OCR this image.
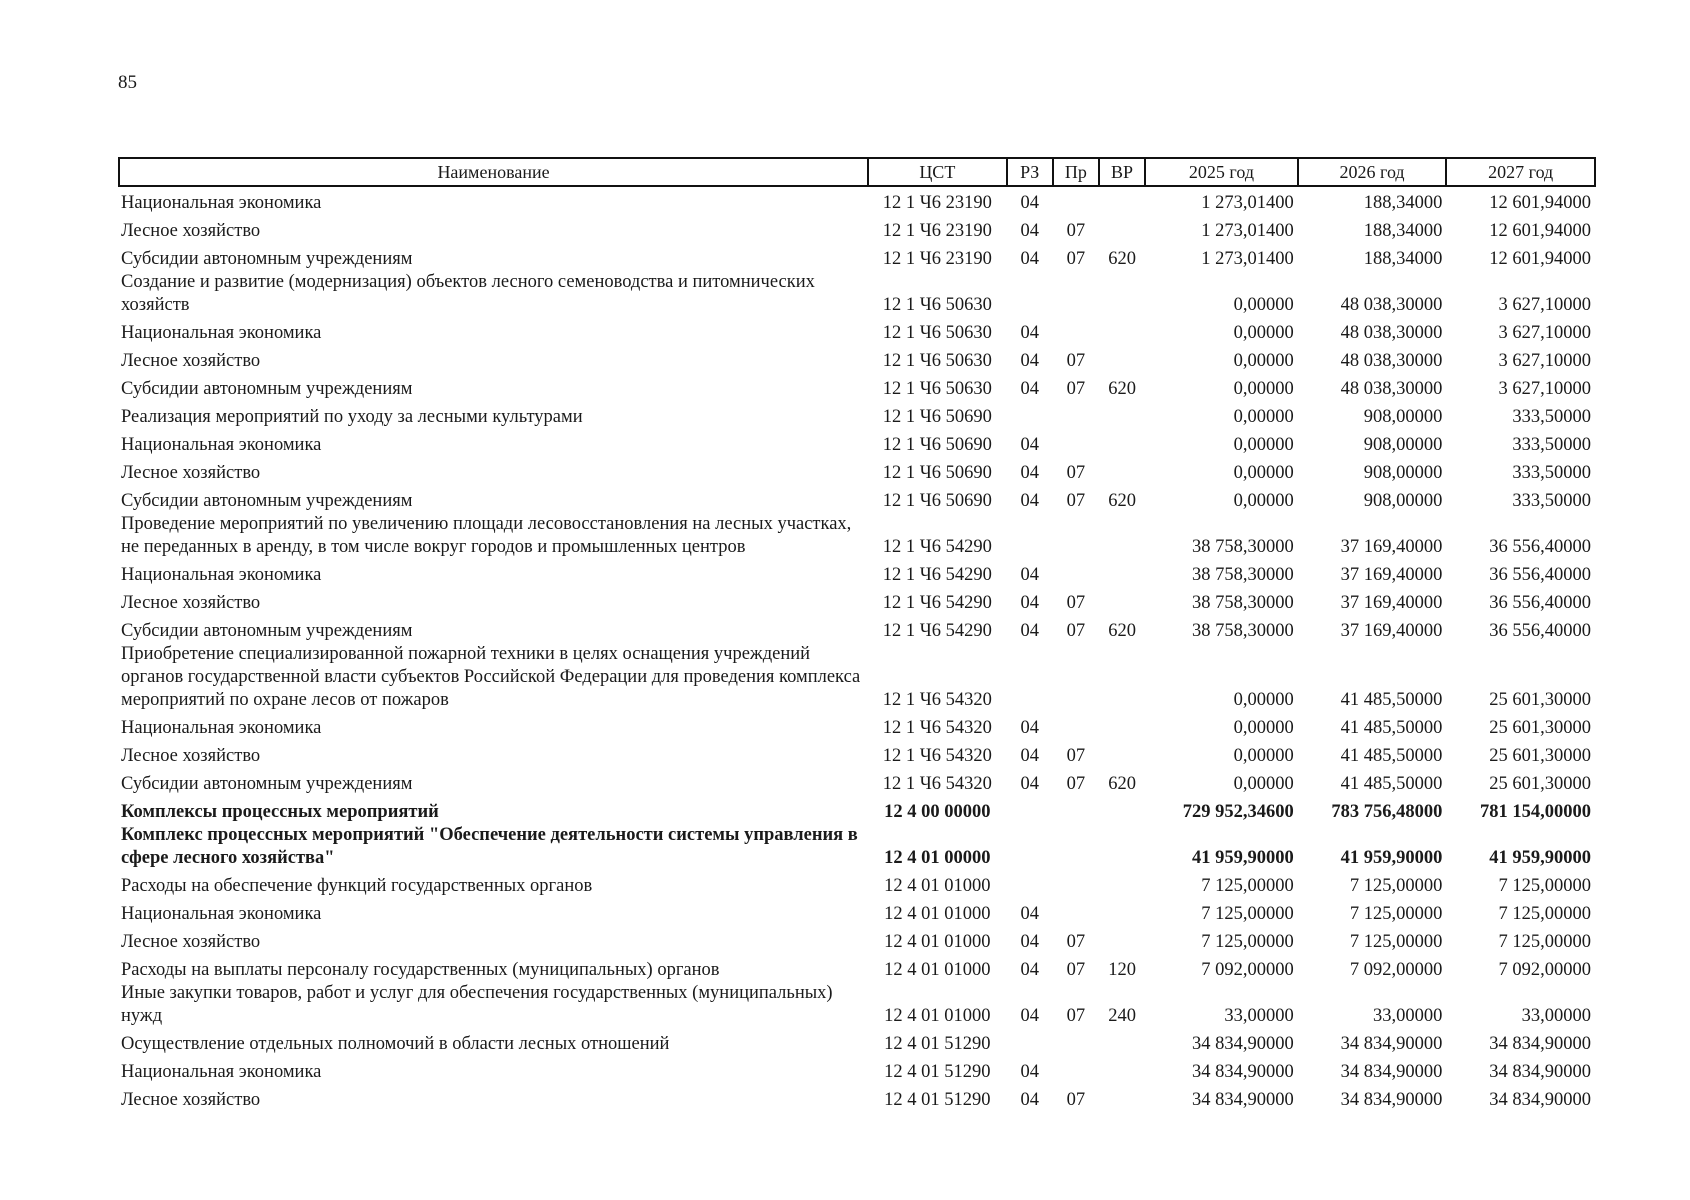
85
Наименование	ЦСТ	РЗ	Пр	ВР	2025 год	2026 год	2027 год
Национальная экономика	12 1 Ч6 23190	04			1 273,01400	188,34000	12 601,94000
Лесное хозяйство	12 1 Ч6 23190	04	07		1 273,01400	188,34000	12 601,94000
Субсидии автономным учреждениям	12 1 Ч6 23190	04	07	620	1 273,01400	188,34000	12 601,94000
Создание и развитие (модернизация) объектов лесного семеноводства и питомнических хозяйств	12 1 Ч6 50630				0,00000	48 038,30000	3 627,10000
Национальная экономика	12 1 Ч6 50630	04			0,00000	48 038,30000	3 627,10000
Лесное хозяйство	12 1 Ч6 50630	04	07		0,00000	48 038,30000	3 627,10000
Субсидии автономным учреждениям	12 1 Ч6 50630	04	07	620	0,00000	48 038,30000	3 627,10000
Реализация мероприятий по уходу за лесными культурами	12 1 Ч6 50690				0,00000	908,00000	333,50000
Национальная экономика	12 1 Ч6 50690	04			0,00000	908,00000	333,50000
Лесное хозяйство	12 1 Ч6 50690	04	07		0,00000	908,00000	333,50000
Субсидии автономным учреждениям	12 1 Ч6 50690	04	07	620	0,00000	908,00000	333,50000
Проведение мероприятий по увеличению площади лесовосстановления на лесных участках, не переданных в аренду, в том числе вокруг городов и промышленных центров	12 1 Ч6 54290				38 758,30000	37 169,40000	36 556,40000
Национальная экономика	12 1 Ч6 54290	04			38 758,30000	37 169,40000	36 556,40000
Лесное хозяйство	12 1 Ч6 54290	04	07		38 758,30000	37 169,40000	36 556,40000
Субсидии автономным учреждениям	12 1 Ч6 54290	04	07	620	38 758,30000	37 169,40000	36 556,40000
Приобретение специализированной пожарной техники в целях оснащения учреждений органов государственной власти субъектов Российской Федерации для проведения комплекса мероприятий по охране лесов от пожаров	12 1 Ч6 54320				0,00000	41 485,50000	25 601,30000
Национальная экономика	12 1 Ч6 54320	04			0,00000	41 485,50000	25 601,30000
Лесное хозяйство	12 1 Ч6 54320	04	07		0,00000	41 485,50000	25 601,30000
Субсидии автономным учреждениям	12 1 Ч6 54320	04	07	620	0,00000	41 485,50000	25 601,30000
Комплексы процессных мероприятий	12 4 00 00000				729 952,34600	783 756,48000	781 154,00000
Комплекс процессных мероприятий "Обеспечение деятельности системы управления в сфере лесного хозяйства"	12 4 01 00000				41 959,90000	41 959,90000	41 959,90000
Расходы на обеспечение функций государственных органов	12 4 01 01000				7 125,00000	7 125,00000	7 125,00000
Национальная экономика	12 4 01 01000	04			7 125,00000	7 125,00000	7 125,00000
Лесное хозяйство	12 4 01 01000	04	07		7 125,00000	7 125,00000	7 125,00000
Расходы на выплаты персоналу государственных (муниципальных) органов	12 4 01 01000	04	07	120	7 092,00000	7 092,00000	7 092,00000
Иные закупки товаров, работ и услуг для обеспечения государственных (муниципальных) нужд	12 4 01 01000	04	07	240	33,00000	33,00000	33,00000
Осуществление отдельных полномочий в области лесных отношений	12 4 01 51290				34 834,90000	34 834,90000	34 834,90000
Национальная экономика	12 4 01 51290	04			34 834,90000	34 834,90000	34 834,90000
Лесное хозяйство	12 4 01 51290	04	07		34 834,90000	34 834,90000	34 834,90000
